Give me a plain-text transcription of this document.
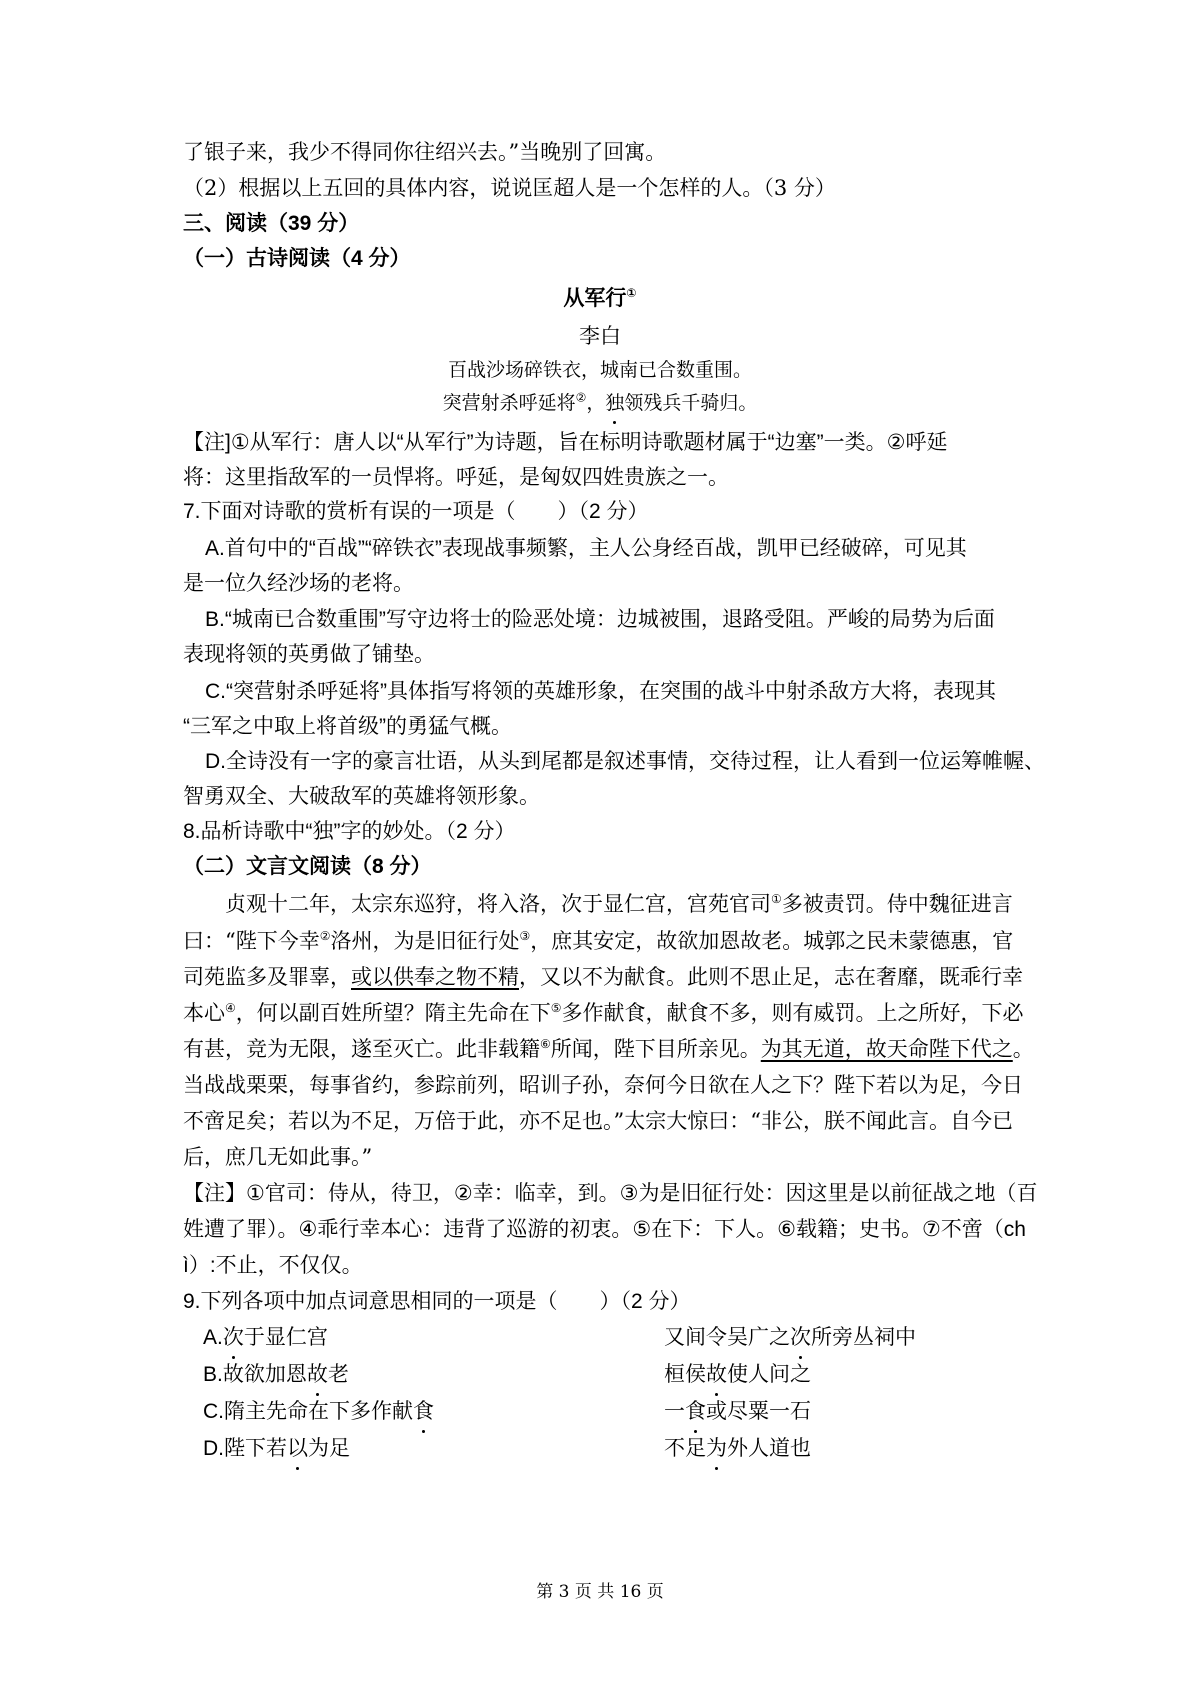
了银子来，我少不得同你往绍兴去。”当晚别了回寓。
（2）根据以上五回的具体内容，说说匡超人是一个怎样的人。（3 分）
三、阅读（39 分）
（一）古诗阅读（4 分）
从军行①
李白
百战沙场碎铁衣，城南已合数重围。
突营射杀呼延将②，独领残兵千骑归。
【注]①从军行：唐人以“从军行”为诗题，旨在标明诗歌题材属于“边塞”一类。②呼延
将：这里指敌军的一员悍将。呼延，是匈奴四姓贵族之一。
7.下面对诗歌的赏析有误的一项是（　　）（2 分）
A.首句中的“百战”“碎铁衣”表现战事频繁，主人公身经百战，凯甲已经破碎，可见其
是一位久经沙场的老将。
B.“城南已合数重围”写守边将士的险恶处境：边城被围，退路受阻。严峻的局势为后面
表现将领的英勇做了铺垫。
C.“突营射杀呼延将”具体指写将领的英雄形象，在突围的战斗中射杀敌方大将，表现其
“三军之中取上将首级”的勇猛气概。
D.全诗没有一字的豪言壮语，从头到尾都是叙述事情，交待过程，让人看到一位运筹帷幄、
智勇双全、大破敌军的英雄将领形象。
8.品析诗歌中“独”字的妙处。（2 分）
（二）文言文阅读（8 分）
贞观十二年，太宗东巡狩，将入洛，次于显仁宫，宫苑官司①多被责罚。侍中魏征进言
曰：“陛下今幸②洛州，为是旧征行处③，庶其安定，故欲加恩故老。城郭之民未蒙德惠，官
司苑监多及罪辜，或以供奉之物不精，又以不为献食。此则不思止足，志在奢靡，既乖行幸
本心④，何以副百姓所望？隋主先命在下⑤多作献食，献食不多，则有威罚。上之所好，下必
有甚，竞为无限，遂至灭亡。此非载籍⑥所闻，陛下目所亲见。为其无道，故天命陛下代之。
当战战栗栗，每事省约，参踪前列，昭训子孙，奈何今日欲在人之下？陛下若以为足，今日
不啻足矣；若以为不足，万倍于此，亦不足也。”太宗大惊曰：“非公，朕不闻此言。自今已
后，庶几无如此事。”
【注】①官司：侍从，待卫，②幸：临幸，到。③为是旧征行处：因这里是以前征战之地（百
姓遭了罪）。④乖行幸本心：违背了巡游的初衷。⑤在下：下人。⑥载籍；史书。⑦不啻（ch
ì）:不止，不仅仅。
9.下列各项中加点词意思相同的一项是（　　）（2 分）
A.次于显仁宫	又间令吴广之次所旁丛祠中
B.故欲加恩故老	桓侯故使人问之
C.隋主先命在下多作献食	一食或尽粟一石
D.陛下若以为足	不足为外人道也
第 3 页 共 16 页
